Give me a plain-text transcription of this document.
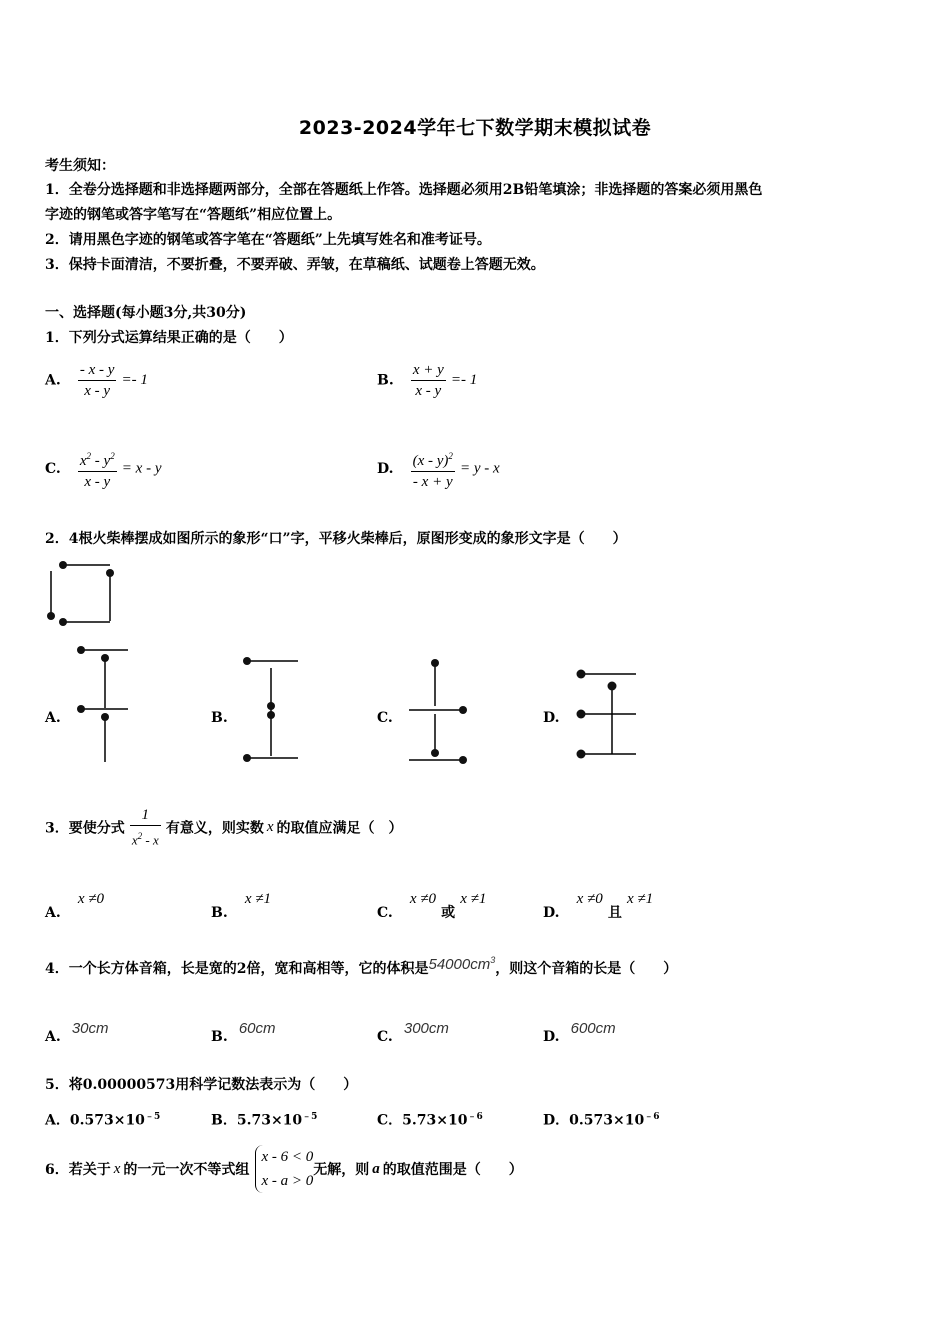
2023-2024学年七下数学期末模拟试卷
考生须知：
1．全卷分选择题和非选择题两部分，全部在答题纸上作答。选择题必须用2B铅笔填涂；非选择题的答案必须用黑色
字迹的钢笔或答字笔写在“答题纸”相应位置上。
2．请用黑色字迹的钢笔或答字笔在“答题纸”上先填写姓名和准考证号。
3．保持卡面清洁，不要折叠，不要弄破、弄皱，在草稿纸、试题卷上答题无效。
一、选择题(每小题3分,共30分)
1．下列分式运算结果正确的是（　　）
A. $\frac{- x - y}{x - y} =- 1$	B. $\frac{x + y}{x - y} =- 1$
C. $\frac{x^2 - y^2}{x - y} = x - y$	D. $\frac{(x - y)^2}{- x + y} = y - x$
2．4根火柴棒摆成如图所示的象形“口”字，平移火柴棒后，原图形变成的象形文字是（　　）
A.	B.	C.	D.
3．要使分式 $\frac{1}{x^2 - x}$ 有意义，则实数 x 的取值应满足（　）
A. x ≠0
B. x ≠1
C. x ≠0 或 x ≠1
D. x ≠0 且 x ≠1
4．一个长方体音箱，长是宽的2倍，宽和高相等，它的体积是$54000cm^3$，则这个音箱的长是（　　）
A. 30cm	B. 60cm	C. 300cm	D. 600cm
5．将0.00000573用科学记数法表示为（　　）
A．$0.573\times 10^{﹣5}$	B．$5.73\times 10^{﹣5}$	C．$5.73\times 10^{﹣6}$	D．$0.573\times 10^{﹣6}$
6．若关于 x 的一元一次不等式组
x - 6 < 0
x - a > 0
无解，则 a 的取值范围是（　　）
